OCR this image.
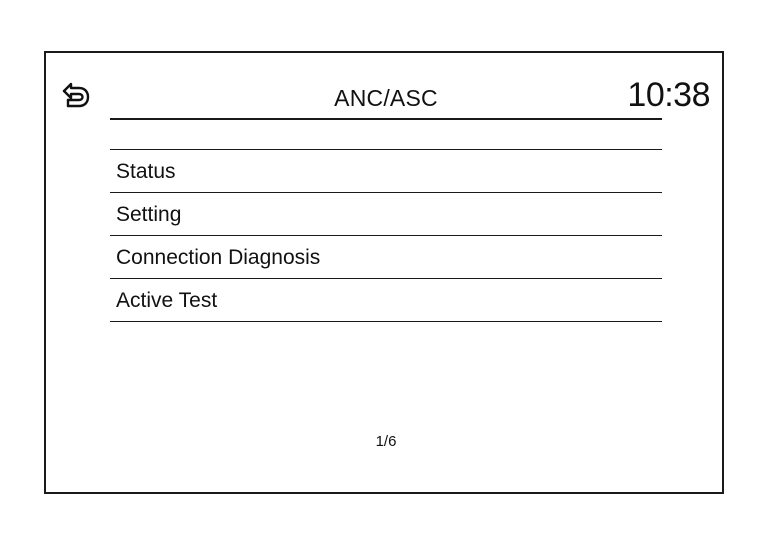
ANC/ASC	10:38
Status
Setting
Connection Diagnosis
Active Test
1/6
